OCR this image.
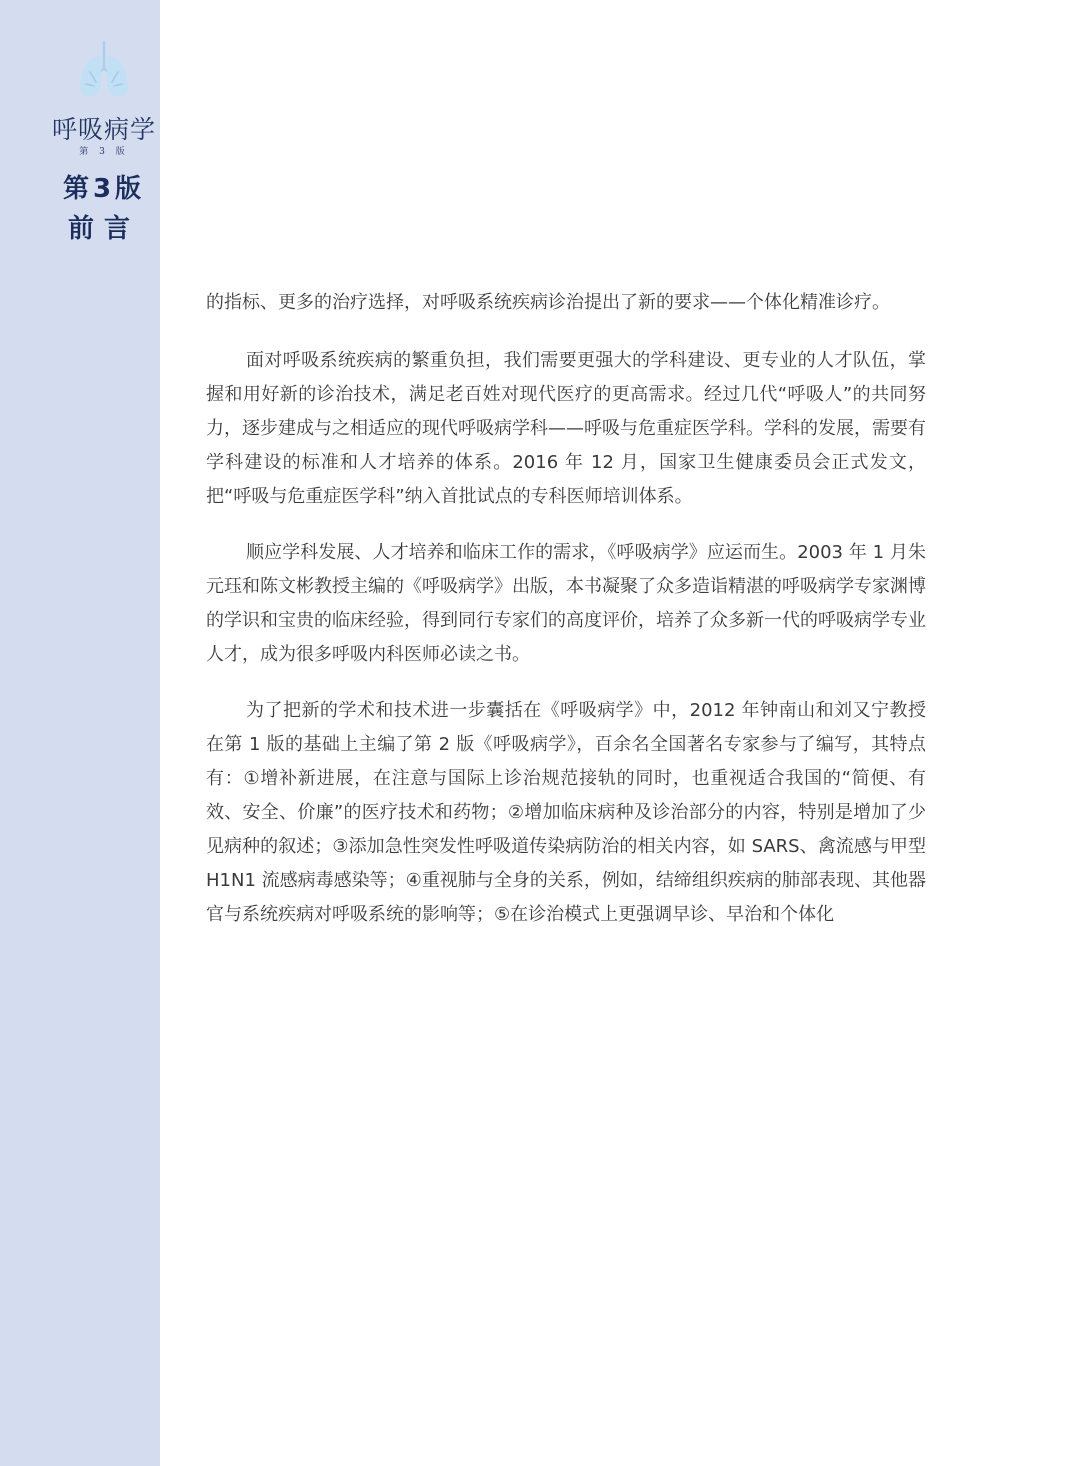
呼吸病学
第 3 版
第3版
前言

的指标、更多的治疗选择，对呼吸系统疾病诊治提出了新的要求——个体化精准诊疗。

面对呼吸系统疾病的繁重负担，我们需要更强大的学科建设、更专业的人才队伍，掌握和用好新的诊治技术，满足老百姓对现代医疗的更高需求。经过几代“呼吸人”的共同努力，逐步建成与之相适应的现代呼吸病学科——呼吸与危重症医学科。学科的发展，需要有学科建设的标准和人才培养的体系。2016 年 12 月，国家卫生健康委员会正式发文，把“呼吸与危重症医学科”纳入首批试点的专科医师培训体系。

顺应学科发展、人才培养和临床工作的需求，《呼吸病学》应运而生。2003 年 1 月朱元珏和陈文彬教授主编的《呼吸病学》出版，本书凝聚了众多造诣精湛的呼吸病学专家渊博的学识和宝贵的临床经验，得到同行专家们的高度评价，培养了众多新一代的呼吸病学专业人才，成为很多呼吸内科医师必读之书。

为了把新的学术和技术进一步囊括在《呼吸病学》中，2012 年钟南山和刘又宁教授在第 1 版的基础上主编了第 2 版《呼吸病学》，百余名全国著名专家参与了编写，其特点有：①增补新进展，在注意与国际上诊治规范接轨的同时，也重视适合我国的“简便、有效、安全、价廉”的医疗技术和药物；②增加临床病种及诊治部分的内容，特别是增加了少见病种的叙述；③添加急性突发性呼吸道传染病防治的相关内容，如 SARS、禽流感与甲型 H1N1 流感病毒感染等；④重视肺与全身的关系，例如，结缔组织疾病的肺部表现、其他器官与系统疾病对呼吸系统的影响等；⑤在诊治模式上更强调早诊、早治和个体化
